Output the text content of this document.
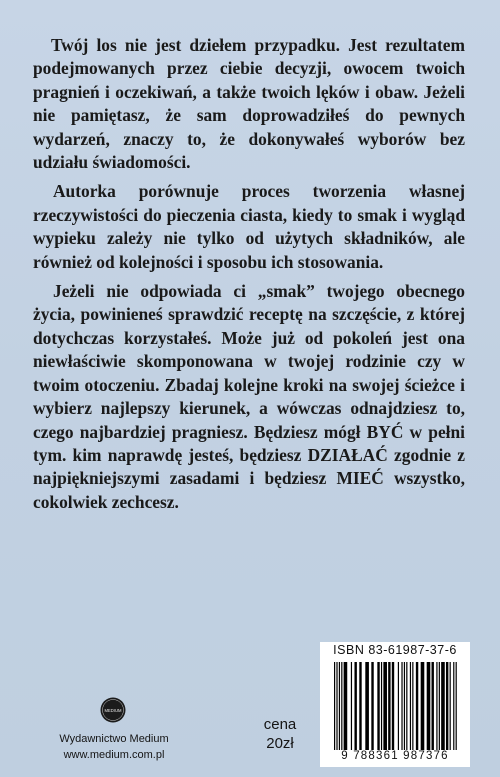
Twój los nie jest dziełem przypadku. Jest rezultatem podejmowanych przez ciebie decyzji, owocem twoich pragnień i oczekiwań, a także twoich lęków i obaw. Jeżeli nie pamiętasz, że sam doprowadziłeś do pewnych wydarzeń, znaczy to, że dokonywałeś wyborów bez udziału świadomości.

Autorka porównuje proces tworzenia własnej rzeczywistości do pieczenia ciasta, kiedy to smak i wygląd wypieku zależy nie tylko od użytych składników, ale również od kolejności i sposobu ich stosowania.

Jeżeli nie odpowiada ci „smak” twojego obecnego życia, powinieneś sprawdzić receptę na szczęście, z której dotychczas korzystałeś. Może już od pokoleń jest ona niewłaściwie skomponowana w twojej rodzinie czy w twoim otoczeniu. Zbadaj kolejne kroki na swojej ścieżce i wybierz najlepszy kierunek, a wówczas odnajdziesz to, czego najbardziej pragniesz. Będziesz mógł BYĆ w pełni tym. kim naprawdę jesteś, będziesz DZIAŁAĆ zgodnie z najpiękniejszymi zasadami i będziesz MIEĆ wszystko, cokolwiek zechcesz.

ISBN 83-61987-37-6
9 788361 987376
cena
20zł
MEDIUM
Wydawnictwo Medium
www.medium.com.pl
